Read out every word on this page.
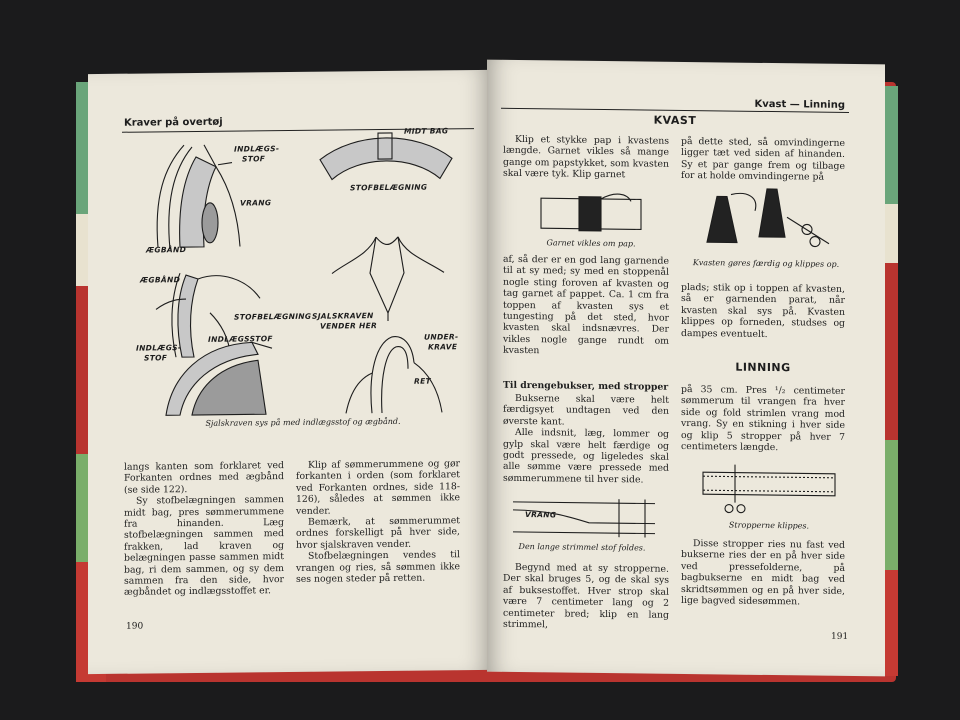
Kraver på overtøj
INDLÆGS-
STOF
VRANG
ÆGBÅND
MIDT BAG
STOFBELÆGNING
ÆGBÅND
STOFBELÆGNING SJALSKRAVEN
VENDER HER
INDLÆGSSTOF
INDLÆGS-
STOF
UNDER-
KRAVE
RET
Sjalskraven sys på med indlægsstof og ægbånd.

langs kanten som forklaret ved Forkanten ordnes med ægbånd (se side 122).

Sy stofbelægningen sammen midt bag, pres sømmerummene fra hinanden. Læg stofbelægningen sammen med frakken, lad kraven og belægningen passe sammen midt bag, ri dem sammen, og sy dem sammen fra den side, hvor ægbåndet og indlægsstoffet er.

Klip af sømmerummene og gør forkanten i orden (som forklaret ved Forkanten ordnes, side 118-126), således at sømmen ikke vender.

Bemærk, at sømmerummet ordnes forskelligt på hver side, hvor sjalskraven vender.

Stofbelægningen vendes til vrangen og ries, så sømmen ikke ses nogen steder på retten.

190
Kvast — Linning
KVAST

Klip et stykke pap i kvastens længde. Garnet vikles så mange gange om papstykket, som kvasten skal være tyk. Klip garnet

på dette sted, så omvindingerne ligger tæt ved siden af hinanden. Sy et par gange frem og tilbage for at holde omvindingerne på

Garnet vikles om pap.
Kvasten gøres færdig og klippes op.

af, så der er en god lang garnende til at sy med; sy med en stoppenål nogle sting foroven af kvasten og tag garnet af pappet. Ca. 1 cm fra toppen af kvasten sys et tungesting på det sted, hvor kvasten skal indsnævres. Der vikles nogle gange rundt om kvasten

plads; stik op i toppen af kvasten, så er garnenden parat, når kvasten skal sys på. Kvasten klippes op forneden, studses og dampes eventuelt.

LINNING
Til drengebukser, med stropper

Bukserne skal være helt færdigsyet undtagen ved den øverste kant.

Alle indsnit, læg, lommer og gylp skal være helt færdige og godt pressede, og ligeledes skal alle sømme være pressede med sømmerummene til hver side.

VRANG
Den lange strimmel stof foldes.

Begynd med at sy stropperne. Der skal bruges 5, og de skal sys af buksestoffet. Hver strop skal være 7 centimeter lang og 2 centimeter bred; klip en lang strimmel,

på 35 cm. Pres ¹/₂ centimeter sømmerum til vrangen fra hver side og fold strimlen vrang mod vrang. Sy en stikning i hver side og klip 5 stropper på hver 7 centimeters længde.

Stropperne klippes.

Disse stropper ries nu fast ved bukserne ries der en på hver side ved pressefolderne, på bagbukserne en midt bag ved skridtsømmen og en på hver side, lige bagved sidesømmen.

191
